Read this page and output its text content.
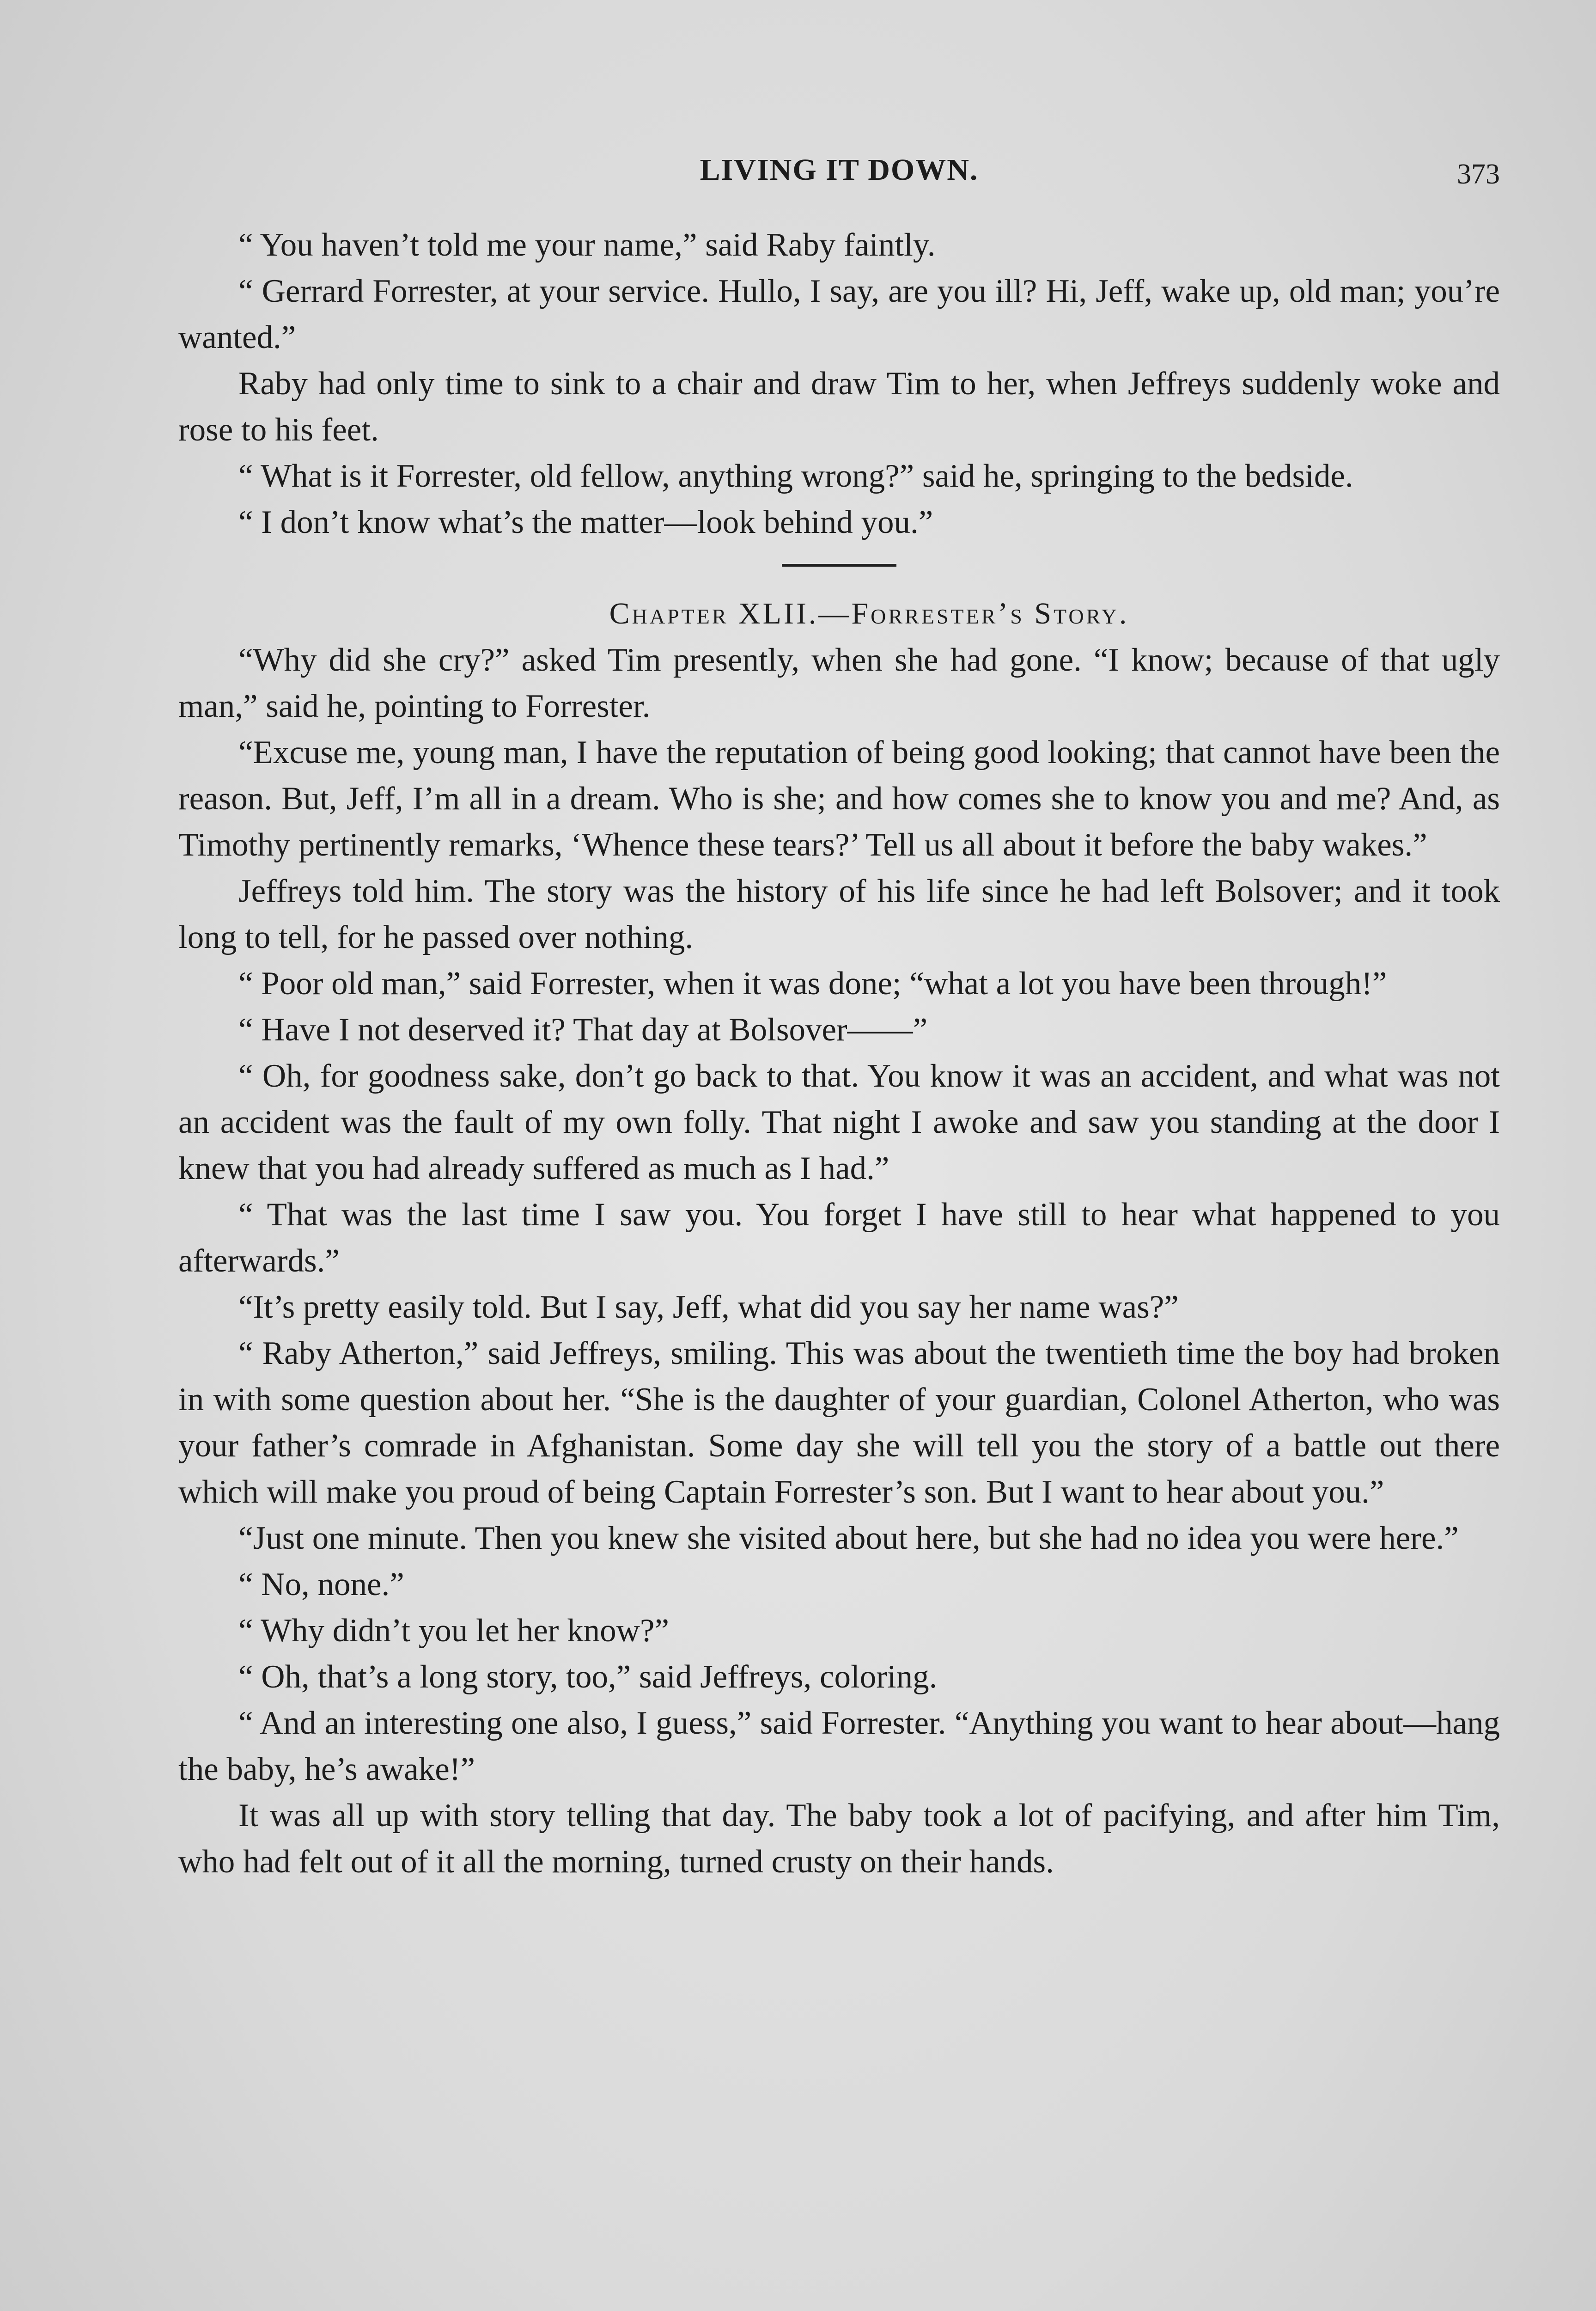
LIVING IT DOWN.	373

“ You haven’t told me your name,” said Raby faintly.

“ Gerrard Forrester, at your service. Hullo, I say, are you ill? Hi, Jeff, wake up, old man; you’re wanted.”

Raby had only time to sink to a chair and draw Tim to her, when Jeffreys suddenly woke and rose to his feet.

“ What is it Forrester, old fellow, anything wrong?” said he, springing to the bedside.

“ I don’t know what’s the matter—look behind you.”

Chapter XLII.—Forrester’s Story.

“Why did she cry?” asked Tim presently, when she had gone. “I know; because of that ugly man,” said he, pointing to Forrester.

“Excuse me, young man, I have the reputation of being good looking; that cannot have been the reason. But, Jeff, I’m all in a dream. Who is she; and how comes she to know you and me? And, as Timothy pertinently remarks, ‘Whence these tears?’ Tell us all about it before the baby wakes.”

Jeffreys told him. The story was the history of his life since he had left Bolsover; and it took long to tell, for he passed over nothing.

“ Poor old man,” said Forrester, when it was done; “what a lot you have been through!”

“ Have I not deserved it? That day at Bolsover——”

“ Oh, for goodness sake, don’t go back to that. You know it was an accident, and what was not an accident was the fault of my own folly. That night I awoke and saw you standing at the door I knew that you had already suffered as much as I had.”

“ That was the last time I saw you. You forget I have still to hear what happened to you afterwards.”

“It’s pretty easily told. But I say, Jeff, what did you say her name was?”

“ Raby Atherton,” said Jeffreys, smiling. This was about the twentieth time the boy had broken in with some question about her. “She is the daughter of your guardian, Colonel Atherton, who was your father’s comrade in Afghanistan. Some day she will tell you the story of a battle out there which will make you proud of being Captain Forrester’s son. But I want to hear about you.”

“Just one minute. Then you knew she visited about here, but she had no idea you were here.”

“ No, none.”

“ Why didn’t you let her know?”

“ Oh, that’s a long story, too,” said Jeffreys, coloring.

“ And an interesting one also, I guess,” said Forrester. “Anything you want to hear about—hang the baby, he’s awake!”

It was all up with story telling that day. The baby took a lot of pacifying, and after him Tim, who had felt out of it all the morning, turned crusty on their hands.
